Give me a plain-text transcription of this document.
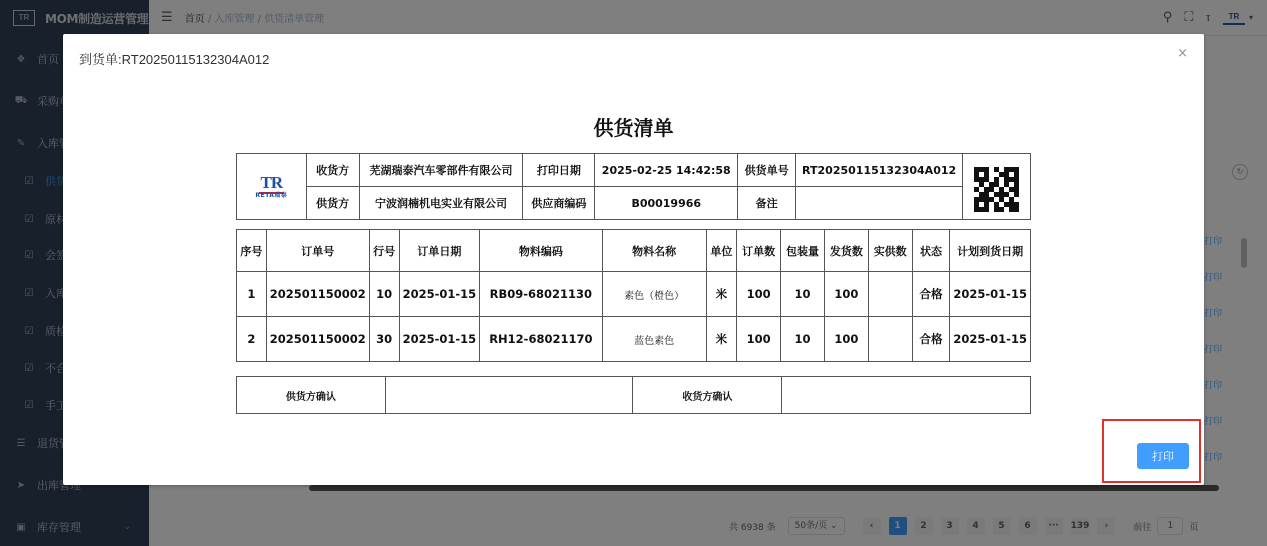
到货单:RT20250115132304A012	×
供货清单
TR
RETA瑞泰	收货方	芜湖瑞泰汽车零部件有限公司	打印日期	2025-02-25 14:42:58	供货单号	RT20250115132304A012	

	供货方	宁波润楠机电实业有限公司	供应商编码	B00019966	备注		
序号	订单号	行号	订单日期	物料编码	物料名称	单位	订单数	包装量	发货数	实供数	状态	计划到货日期
1	202501150002	10	2025-01-15	RB09-68021130	素色（橙色）	米	100	10	100		合格	2025-01-15
2	202501150002	30	2025-01-15	RH12-68021170	蓝色素色	米	100	10	100		合格	2025-01-15
供货方确认		收货方确认	
打印
